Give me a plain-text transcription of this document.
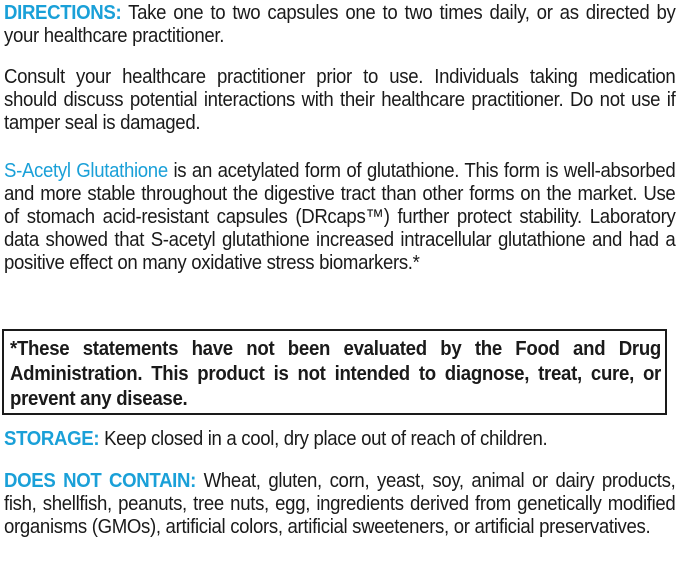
DIRECTIONS: Take one to two capsules one to two times daily, or as directed by your healthcare practitioner.

Consult your healthcare practitioner prior to use. Individuals taking medication should discuss potential interactions with their healthcare practitioner. Do not use if tamper seal is damaged.

S-Acetyl Glutathione is an acetylated form of glutathione. This form is well-absorbed and more stable throughout the digestive tract than other forms on the market. Use of stomach acid-resistant capsules (DRcaps™) further protect stability. Laboratory data showed that S-acetyl glutathione increased intracellular glutathione and had a positive effect on many oxidative stress biomarkers.*

*These statements have not been evaluated by the Food and Drug Administration. This product is not intended to diagnose, treat, cure, or prevent any disease.

STORAGE: Keep closed in a cool, dry place out of reach of children.

DOES NOT CONTAIN: Wheat, gluten, corn, yeast, soy, animal or dairy products, fish, shellfish, peanuts, tree nuts, egg, ingredients derived from genetically modified organisms (GMOs), artificial colors, artificial sweeteners, or artificial preservatives.
